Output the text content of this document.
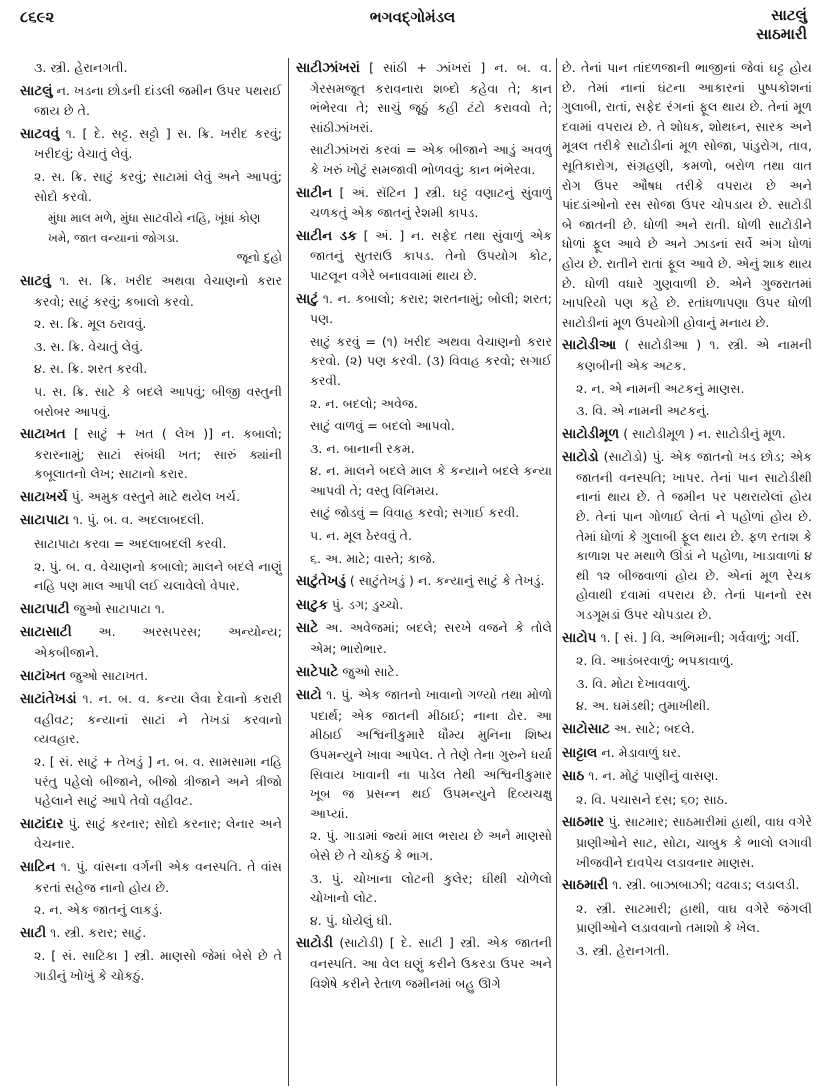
૮૬૯૨	ભગવદ્ગોમંડલ	સાટલું
સાઠમારી

૩. સ્ત્રી. હેરાનગતી.

સાટલું ન. ખડના છોડની દાંડલી જમીન ઉપર પથરાઈ જાય છે તે.

સાટવવું ૧. [ દે. સટ્ટ. સટ્ટો ] સ. ક્રિ. ખરીદ કરવું; ખરીદવું; વેચાતું લેવું.

૨. સ. ક્રિ. સાટું કરવું; સાટામાં લેવું અને આપવું; સોદો કરવો.

મુંધા માલ મળે, મુંધા સાટવીયે નહિ, ખૂંધાં કોણ ખમે, જાત વન્યાનાં જોગડા.

જૂનો દુહો

સાટવું ૧. સ. ક્રિ. ખરીદ અથવા વેચાણનો કરાર કરવો; સાટું કરવું; કબાલો કરવો.

૨. સ. ક્રિ. મૂલ ઠરાવવું.

૩. સ. ક્રિ. વેચાતું લેવું.

૪. સ. ક્રિ. શરત કરવી.

૫. સ. ક્રિ. સાટે કે બદલે આપવું; બીજી વસ્તુની બરોબર આપવું.

સાટાખત [ સાટું + ખત ( લેખ )] ન. કબાલો; કરારનામું; સાટાં સંબંધી ખત; સારું ક્યાંની કબૂલાતનો લેખ; સાટાનો કરાર.

સાટાખર્ચ પું. અમુક વસ્તુને માટે થયેલ ખર્ચ.

સાટાપાટા ૧. પું. બ. વ. અદલાબદલી.

સાટાપાટા કરવા = અદલાબદલી કરવી.

૨. પું. બ. વ. વેચાણનો કબાલો; માલને બદલે નાણું નહિ પણ માલ આપી લઈ ચલાવેલો વેપાર.

સાટાપાટી જુઓ સાટાપાટા ૧.

સાટાસાટી અ. અરસપરસ; અન્યોન્ય; એકબીજાને.

સાટાંખત જુઓ સાટાખત.

સાટાંતેખડાં ૧. ન. બ. વ. કન્યા લેવા દેવાનો કરારી વહીવટ; કન્યાનાં સાટાં ને તેખડાં કરવાનો વ્યવહાર.

૨. [ સં. સાટું + તેખડું ] ન. બ. વ. સામસામા નહિ પરંતુ પહેલો બીજાને, બીજો ત્રીજાને અને ત્રીજો પહેલાને સાટું આપે તેવો વહીવટ.

સાટાંદાર પું. સાટું કરનાર; સોદો કરનાર; લેનાર અને વેચનાર.

સાટિન ૧. પું. વાંસના વર્ગની એક વનસ્પતિ. તે વાંસ કરતાં સહેજ નાનો હોય છે.

૨. ન. એક જાતનું લાકડું.

સાટી ૧. સ્ત્રી. કરાર; સાટું.

૨. [ સં. સાટિકા ] સ્ત્રી. માણસો જેમાં બેસે છે તે ગાડીનું ખોખું કે ચોકઠું.

સાટીઝાંખરાં [ સાંઠી + ઝાંખરાં ] ન. બ. વ. ગેરસમજૂત કરાવનારા શબ્દો કહેવા તે; કાન ભંભેરવા તે; સાચું જૂઠું કહી ટંટો કરાવવો તે; સાંઠીઝાંખરાં.

સાટીઝાંખરાં કરવાં = એક બીજાને આડું અવળું કે ખરું ખોટું સમજાવી ભોળવવું; કાન ભંભેરવા.

સાટીન [ અં. સૅટિન ] સ્ત્રી. ઘટ્ટ વણાટનું સુંવાળું ચળકતું એક જાતનું રેશમી કાપડ.

સાટીન ડક [ અં. ] ન. સફેદ તથા સુંવાળું એક જાતનું સુતરાઉ કાપડ. તેનો ઉપયોગ કોટ, પાટલૂન વગેરે બનાવવામાં થાય છે.

સાટું ૧. ન. કબાલો; કરાર; શરતનામું; બોલી; શરત; પણ.

સાટું કરવું = (૧) ખરીદ અથવા વેચાણનો કરાર કરવો. (૨) પણ કરવી. (૩) વિવાહ કરવો; સગાઈ કરવી.

૨. ન. બદલો; અવેજ.

સાટું વાળવું = બદલો આપવો.

૩. ન. બાનાની રકમ.

૪. ન. માલને બદલે માલ કે કન્યાને બદલે કન્યા આપવી તે; વસ્તુ વિનિમય.

સાટું જોડવું = વિવાહ કરવો; સગાઈ કરવી.

૫. ન. મૂલ ઠેરવવું તે.

૬. અ. માટે; વાસ્તે; કાજે.

સાટુંતેખડું ( સાટુંતેખડું ) ન. કન્યાનું સાટું કે તેખડું.

સાટુક પું. ડગ; ડુચ્ચો.

સાટે અ. અવેજમાં; બદલે; સરખે વજને કે તોલે એમ; ભારોભાર.

સાટેપાટે જુઓ સાટે.

સાટો ૧. પું. એક જાતનો ખાવાનો ગળ્યો તથા મોળો પદાર્થ; એક જાતની મીઠાઈ; નાના ઢોર. આ મીઠાઈ અશ્વિનીકુમારે ધૌમ્ય મુનિના શિષ્ય ઉપમન્યુને ખાવા આપેલ. તે તેણે તેના ગુરુને ધર્યા સિવાય ખાવાની ના પાડેલ તેથી અશ્વિનીકુમાર ખૂબ જ પ્રસન્ન થઈ ઉપમન્યુને દિવ્યચક્ષુ આપ્યાં.

૨. પું. ગાડામાં જ્યાં માલ ભરાય છે અને માણસો બેસે છે તે ચોકઠું કે ભાગ.

૩. પું. ચોખાના લોટની કુલેર; ઘીથી ચોળેલો ચોખાનો લોટ.

૪. પું. ધોયેલું ઘી.

સાટોડી (સાટોડી) [ દે. સાટી ] સ્ત્રી. એક જાતની વનસ્પતિ. આ વેલ ઘણું કરીને ઉકરડા ઉપર અને વિશેષે કરીને રેતાળ જમીનમાં બહુ ઊગે

છે. તેનાં પાન તાંદળજાની ભાજીનાં જેવાં ઘટ્ટ હોય છે. તેમાં નાનાં ઘંટના આકારનાં પુષ્પકોશનાં ગુલાબી, રાતાં, સફેદ રંગનાં ફૂલ થાય છે. તેનાં મૂળ દવામાં વપરાય છે. તે શોધક, શોથઘ્ન, સારક અને મૂત્રલ તરીકે સાટોડીનાં મૂળ સોજા, પાંડુરોગ, તાવ, સૂતિકારોગ, સંગ્રહણી, કમળો, બરોળ તથા વાત રોગ ઉપર ઔષધ તરીકે વપરાય છે અને પાંદડાંઓનો રસ સોજા ઉપર ચોપડાય છે. સાટોડી બે જાતની છે. ધોળી અને રાતી. ધોળી સાટોડીને ધોળાં ફૂલ આવે છે અને ઝાડનાં સર્વે અંગ ધોળાં હોય છે. રાતીને રાતાં ફૂલ આવે છે. એનું શાક થાય છે. ધોળી વધારે ગુણવાળી છે. એને ગુજરાતમાં ખાપરિયો પણ કહે છે. રતાંધળાપણા ઉપર ધોળી સાટોડીનાં મૂળ ઉપયોગી હોવાનું મનાય છે.

સાટોડીઆ ( સાટોડીઆ ) ૧. સ્ત્રી. એ નામની કણબીની એક અટક.

૨. ન. એ નામની અટકનું માણસ.

૩. વિ. એ નામની અટકનું.

સાટોડીમૂળ ( સાટોડીમૂળ ) ન. સાટોડીનું મૂળ.

સાટોડો (સાટોડો) પું. એક જાતનો ખડ છોડ; એક જાતની વનસ્પતિ; ખાપર. તેનાં પાન સાટોડીથી નાનાં થાય છે. તે જમીન પર પથરાયેલાં હોય છે. તેનાં પાન ગોળાઈ લેતાં ને પહોળાં હોય છે. તેમાં ધોળાં કે ગુલાબી ફૂલ થાય છે. ફળ રતાશ કે કાળાશ પર મથાળે ઊંડાં ને પહોળા, ખાડાવાળાં ૪ થી ૧૨ બીજવાળાં હોય છે. એનાં મૂળ રેચક હોવાથી દવામાં વપરાય છે. તેનાં પાનનો રસ ગડગૂમડાં ઉપર ચોપડાય છે.

સાટોપ ૧. [ સં. ] વિ. અભિમાની; ગર્વવાળું; ગર્વી.

૨. વિ. આડંબરવાળું; ભપકાવાળું.

૩. વિ. મોટા દેખાવવાળું.

૪. અ. ઘમંડથી; તુમાખીથી.

સાટોસાટ અ. સાટે; બદલે.

સાટ્ટાલ ન. મેડાવાળું ઘર.

સાઠ ૧. ન. મોટું પાણીનું વાસણ.

૨. વિ. પચાસને દસ; ૬૦; સાઠ.

સાઠમાર પું. સાટમાર; સાઠમારીમાં હાથી, વાઘ વગેરે પ્રાણીઓને સાટ, સોટા, ચાબુક કે ભાલો લગાવી ખીજવીને દાવપેચ લડાવનાર માણસ.

સાઠમારી ૧. સ્ત્રી. બાઝાબાઝી; વઢવાડ; લડાલડી.

૨. સ્ત્રી. સાટમારી; હાથી, વાઘ વગેરે જંગલી પ્રાણીઓને લડાવવાનો તમાશો કે ખેલ.

૩. સ્ત્રી. હેરાનગતી.
